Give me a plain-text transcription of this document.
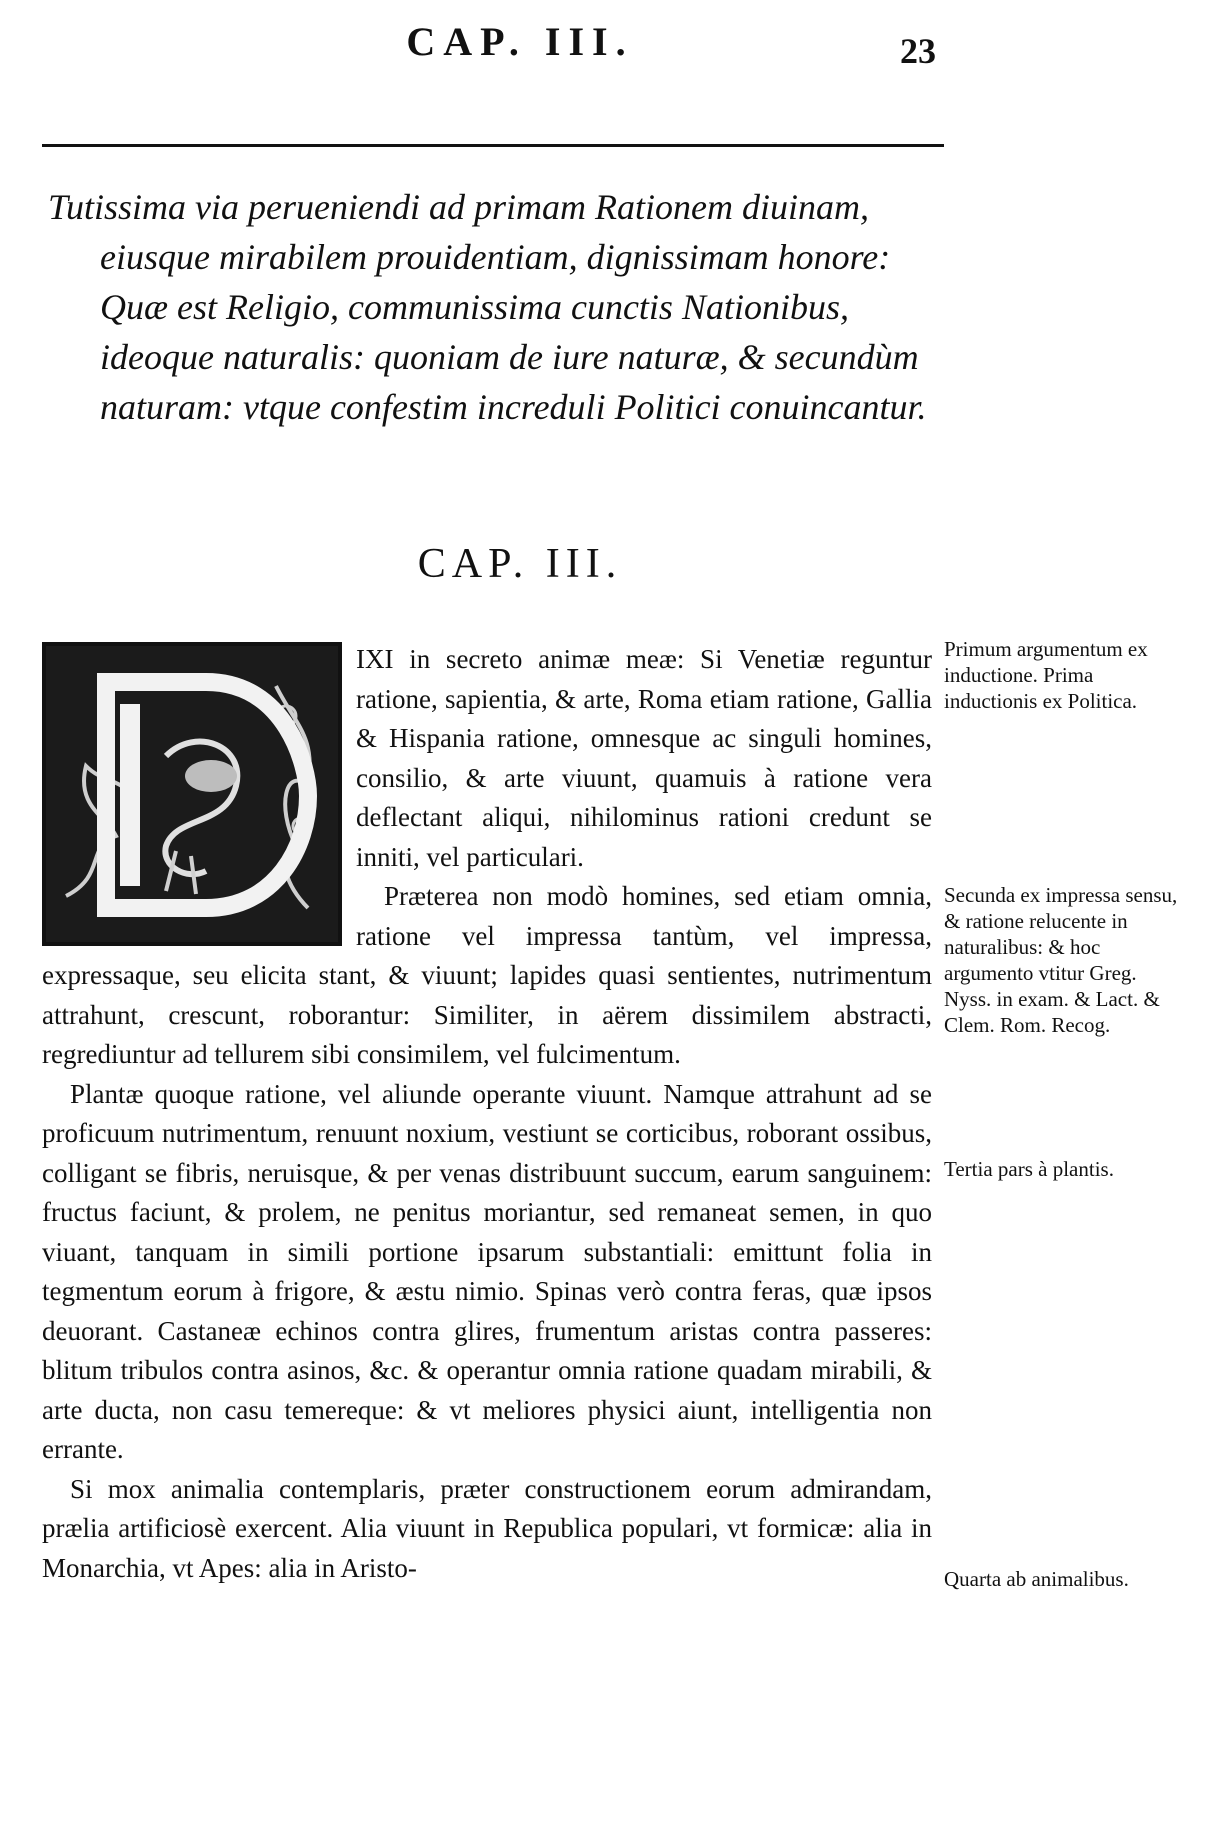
CAP. III.	23

Tutissima via perueniendi ad primam Rationem diuinam, eiusque mirabilem prouidentiam, dignissimam honore: Quæ est Religio, communissima cunctis Nationibus, ideoque naturalis: quoniam de iure naturæ, & secundùm naturam: vtque confestim increduli Politici conuincantur.

CAP. III.

IXI in secreto animæ meæ: Si Venetiæ reguntur ratione, sapientia, & arte, Roma etiam ratione, Gallia & Hispania ratione, omnesque ac singuli homines, consilio, & arte viuunt, quamuis à ratione vera deflectant aliqui, nihilominus rationi credunt se inniti, vel particulari.

Præterea non modò homines, sed etiam omnia, ratione vel impressa tantùm, vel impressa, expressaque, seu elicita stant, & viuunt; lapides quasi sentientes, nutrimentum attrahunt, crescunt, roborantur: Similiter, in aërem dissimilem abstracti, regrediuntur ad tellurem sibi consimilem, vel fulcimentum.

Plantæ quoque ratione, vel aliunde operante viuunt. Namque attrahunt ad se proficuum nutrimentum, renuunt noxium, vestiunt se corticibus, roborant ossibus, colligant se fibris, neruisque, & per venas distribuunt succum, earum sanguinem: fructus faciunt, & prolem, ne penitus moriantur, sed remaneat semen, in quo viuant, tanquam in simili portione ipsarum substantiali: emittunt folia in tegmentum eorum à frigore, & æstu nimio. Spinas verò contra feras, quæ ipsos deuorant. Castaneæ echinos contra glires, frumentum aristas contra passeres: blitum tribulos contra asinos, &c. & operantur omnia ratione quadam mirabili, & arte ducta, non casu temereque: & vt meliores physici aiunt, intelligentia non errante.

Si mox animalia contemplaris, præter constructionem eorum admirandam, prælia artificiosè exercent. Alia viuunt in Republica populari, vt formicæ: alia in Monarchia, vt Apes: alia in Aristo-

Primum argumentum ex inductione. Prima inductionis ex Politica.
Secunda ex impressa sensu, & ratione relucente in naturalibus: & hoc argumento vtitur Greg. Nyss. in exam. & Lact. & Clem. Rom. Recog.
Tertia pars à plantis.
Quarta ab animalibus.
